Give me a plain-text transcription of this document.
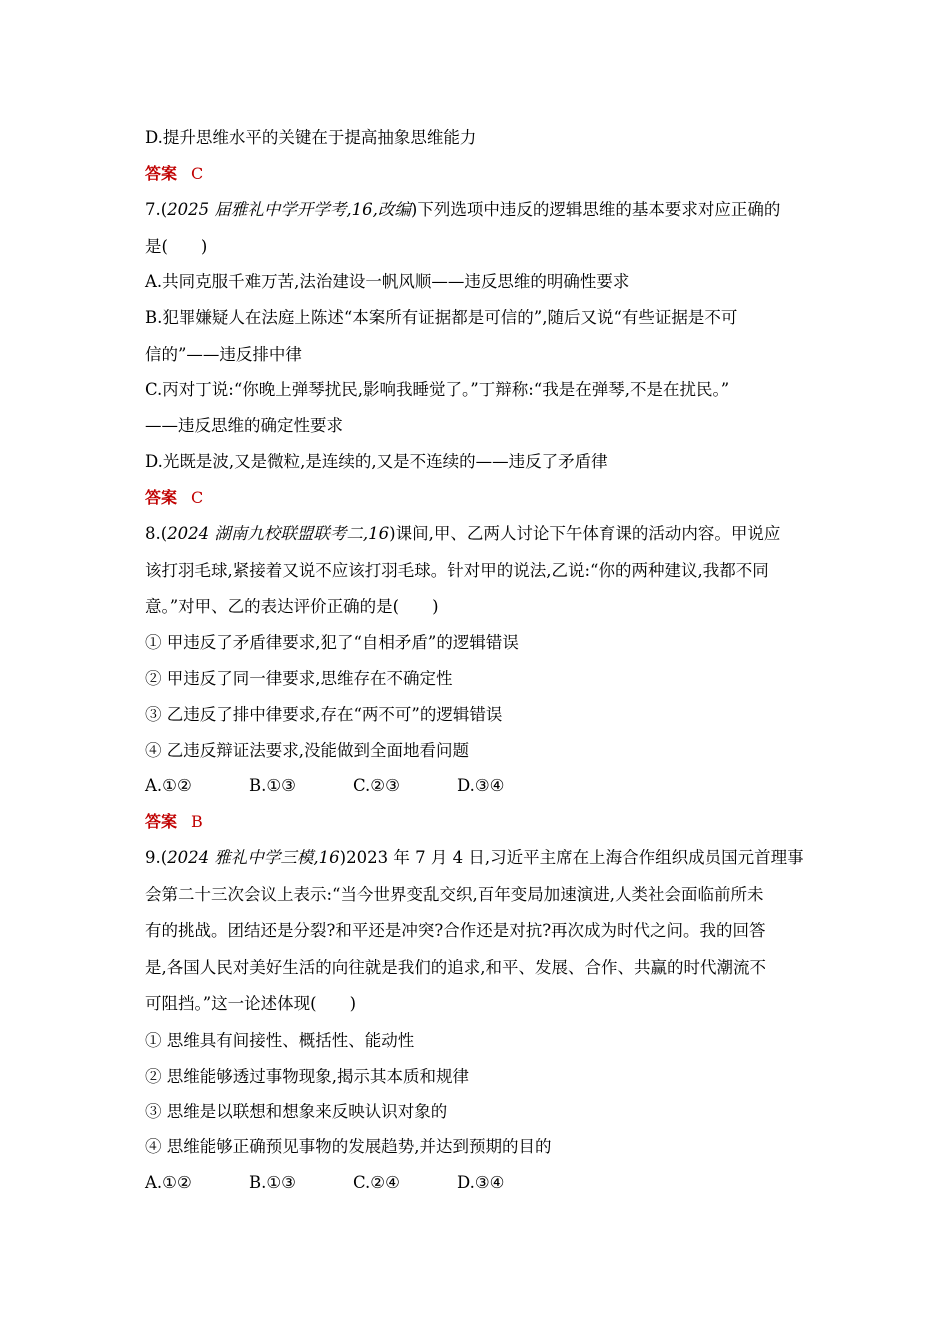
D.提升思维水平的关键在于提高抽象思维能力
答案 C
7.(2025 届雅礼中学开学考,16,改编)下列选项中违反的逻辑思维的基本要求对应正确的
是(　　)
A.共同克服千难万苦,法治建设一帆风顺——违反思维的明确性要求
B.犯罪嫌疑人在法庭上陈述“本案所有证据都是可信的”,随后又说“有些证据是不可
信的”——违反排中律
C.丙对丁说:“你晚上弹琴扰民,影响我睡觉了。”丁辩称:“我是在弹琴,不是在扰民。”
——违反思维的确定性要求
D.光既是波,又是微粒,是连续的,又是不连续的——违反了矛盾律
答案 C
8.(2024 湖南九校联盟联考二,16)课间,甲、乙两人讨论下午体育课的活动内容。甲说应
该打羽毛球,紧接着又说不应该打羽毛球。针对甲的说法,乙说:“你的两种建议,我都不同
意。”对甲、乙的表达评价正确的是(　　)
① 甲违反了矛盾律要求,犯了“自相矛盾”的逻辑错误
② 甲违反了同一律要求,思维存在不确定性
③ 乙违反了排中律要求,存在“两不可”的逻辑错误
④ 乙违反辩证法要求,没能做到全面地看问题
A.①②	B.①③	C.②③	D.③④
答案 B
9.(2024 雅礼中学三模,16)2023 年 7 月 4 日,习近平主席在上海合作组织成员国元首理事
会第二十三次会议上表示:“当今世界变乱交织,百年变局加速演进,人类社会面临前所未
有的挑战。团结还是分裂?和平还是冲突?合作还是对抗?再次成为时代之问。我的回答
是,各国人民对美好生活的向往就是我们的追求,和平、发展、合作、共赢的时代潮流不
可阻挡。”这一论述体现(　　)
① 思维具有间接性、概括性、能动性
② 思维能够透过事物现象,揭示其本质和规律
③ 思维是以联想和想象来反映认识对象的
④ 思维能够正确预见事物的发展趋势,并达到预期的目的
A.①②	B.①③	C.②④	D.③④
